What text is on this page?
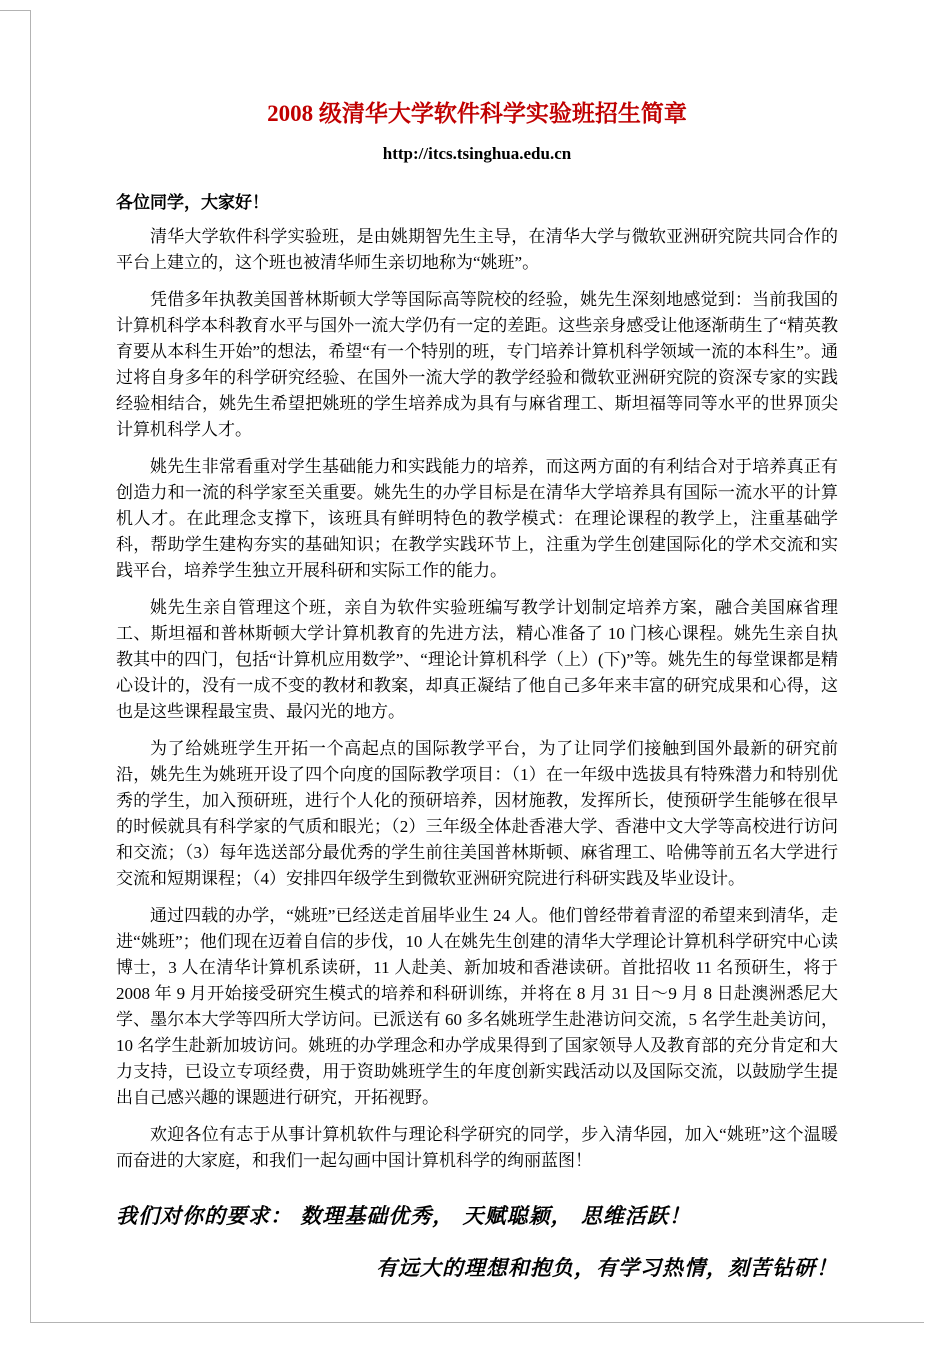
2008 级清华大学软件科学实验班招生简章
http://itcs.tsinghua.edu.cn
各位同学，大家好！

清华大学软件科学实验班，是由姚期智先生主导，在清华大学与微软亚洲研究院共同合作的平台上建立的，这个班也被清华师生亲切地称为“姚班”。

凭借多年执教美国普林斯顿大学等国际高等院校的经验，姚先生深刻地感觉到：当前我国的计算机科学本科教育水平与国外一流大学仍有一定的差距。这些亲身感受让他逐渐萌生了“精英教育要从本科生开始”的想法，希望“有一个特别的班，专门培养计算机科学领域一流的本科生”。通过将自身多年的科学研究经验、在国外一流大学的教学经验和微软亚洲研究院的资深专家的实践经验相结合，姚先生希望把姚班的学生培养成为具有与麻省理工、斯坦福等同等水平的世界顶尖计算机科学人才。

姚先生非常看重对学生基础能力和实践能力的培养，而这两方面的有利结合对于培养真正有创造力和一流的科学家至关重要。姚先生的办学目标是在清华大学培养具有国际一流水平的计算机人才。在此理念支撑下，该班具有鲜明特色的教学模式：在理论课程的教学上，注重基础学科，帮助学生建构夯实的基础知识；在教学实践环节上，注重为学生创建国际化的学术交流和实践平台，培养学生独立开展科研和实际工作的能力。

姚先生亲自管理这个班，亲自为软件实验班编写教学计划制定培养方案，融合美国麻省理工、斯坦福和普林斯顿大学计算机教育的先进方法，精心准备了 10 门核心课程。姚先生亲自执教其中的四门，包括“计算机应用数学”、“理论计算机科学（上）(下)”等。姚先生的每堂课都是精心设计的，没有一成不变的教材和教案，却真正凝结了他自己多年来丰富的研究成果和心得，这也是这些课程最宝贵、最闪光的地方。

为了给姚班学生开拓一个高起点的国际教学平台，为了让同学们接触到国外最新的研究前沿，姚先生为姚班开设了四个向度的国际教学项目：（1）在一年级中选拔具有特殊潜力和特别优秀的学生，加入预研班，进行个人化的预研培养，因材施教，发挥所长，使预研学生能够在很早的时候就具有科学家的气质和眼光；（2）三年级全体赴香港大学、香港中文大学等高校进行访问和交流；（3）每年选送部分最优秀的学生前往美国普林斯顿、麻省理工、哈佛等前五名大学进行交流和短期课程；（4）安排四年级学生到微软亚洲研究院进行科研实践及毕业设计。

通过四载的办学，“姚班”已经送走首届毕业生 24 人。他们曾经带着青涩的希望来到清华，走进“姚班”；他们现在迈着自信的步伐，10 人在姚先生创建的清华大学理论计算机科学研究中心读博士，3 人在清华计算机系读研，11 人赴美、新加坡和香港读研。首批招收 11 名预研生，将于 2008 年 9 月开始接受研究生模式的培养和科研训练，并将在 8 月 31 日～9 月 8 日赴澳洲悉尼大学、墨尔本大学等四所大学访问。已派送有 60 多名姚班学生赴港访问交流，5 名学生赴美访问，10 名学生赴新加坡访问。姚班的办学理念和办学成果得到了国家领导人及教育部的充分肯定和大力支持，已设立专项经费，用于资助姚班学生的年度创新实践活动以及国际交流，以鼓励学生提出自己感兴趣的课题进行研究，开拓视野。

欢迎各位有志于从事计算机软件与理论科学研究的同学，步入清华园，加入“姚班”这个温暖而奋进的大家庭，和我们一起勾画中国计算机科学的绚丽蓝图！

我们对你的要求： 数理基础优秀， 天赋聪颖， 思维活跃！
有远大的理想和抱负，有学习热情，刻苦钻研！
